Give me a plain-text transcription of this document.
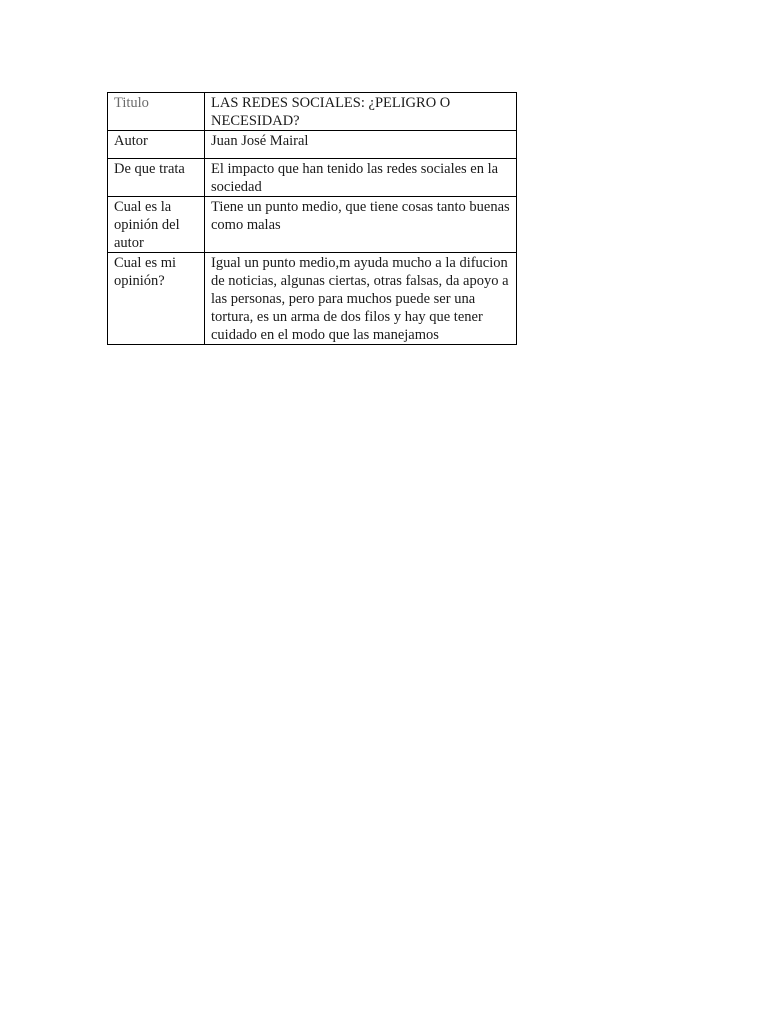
Titulo	LAS REDES SOCIALES: ¿PELIGRO O NECESIDAD?
Autor	Juan José Mairal
De que trata	El impacto que han tenido las redes sociales en la sociedad
Cual es la opinión del autor	Tiene un punto medio, que tiene cosas tanto buenas como malas
Cual es mi opinión?	Igual un punto medio,m ayuda mucho a la difucion de noticias, algunas ciertas, otras falsas, da apoyo a las personas, pero para muchos puede ser una tortura, es un arma de dos filos y hay que tener cuidado en el modo que las manejamos
